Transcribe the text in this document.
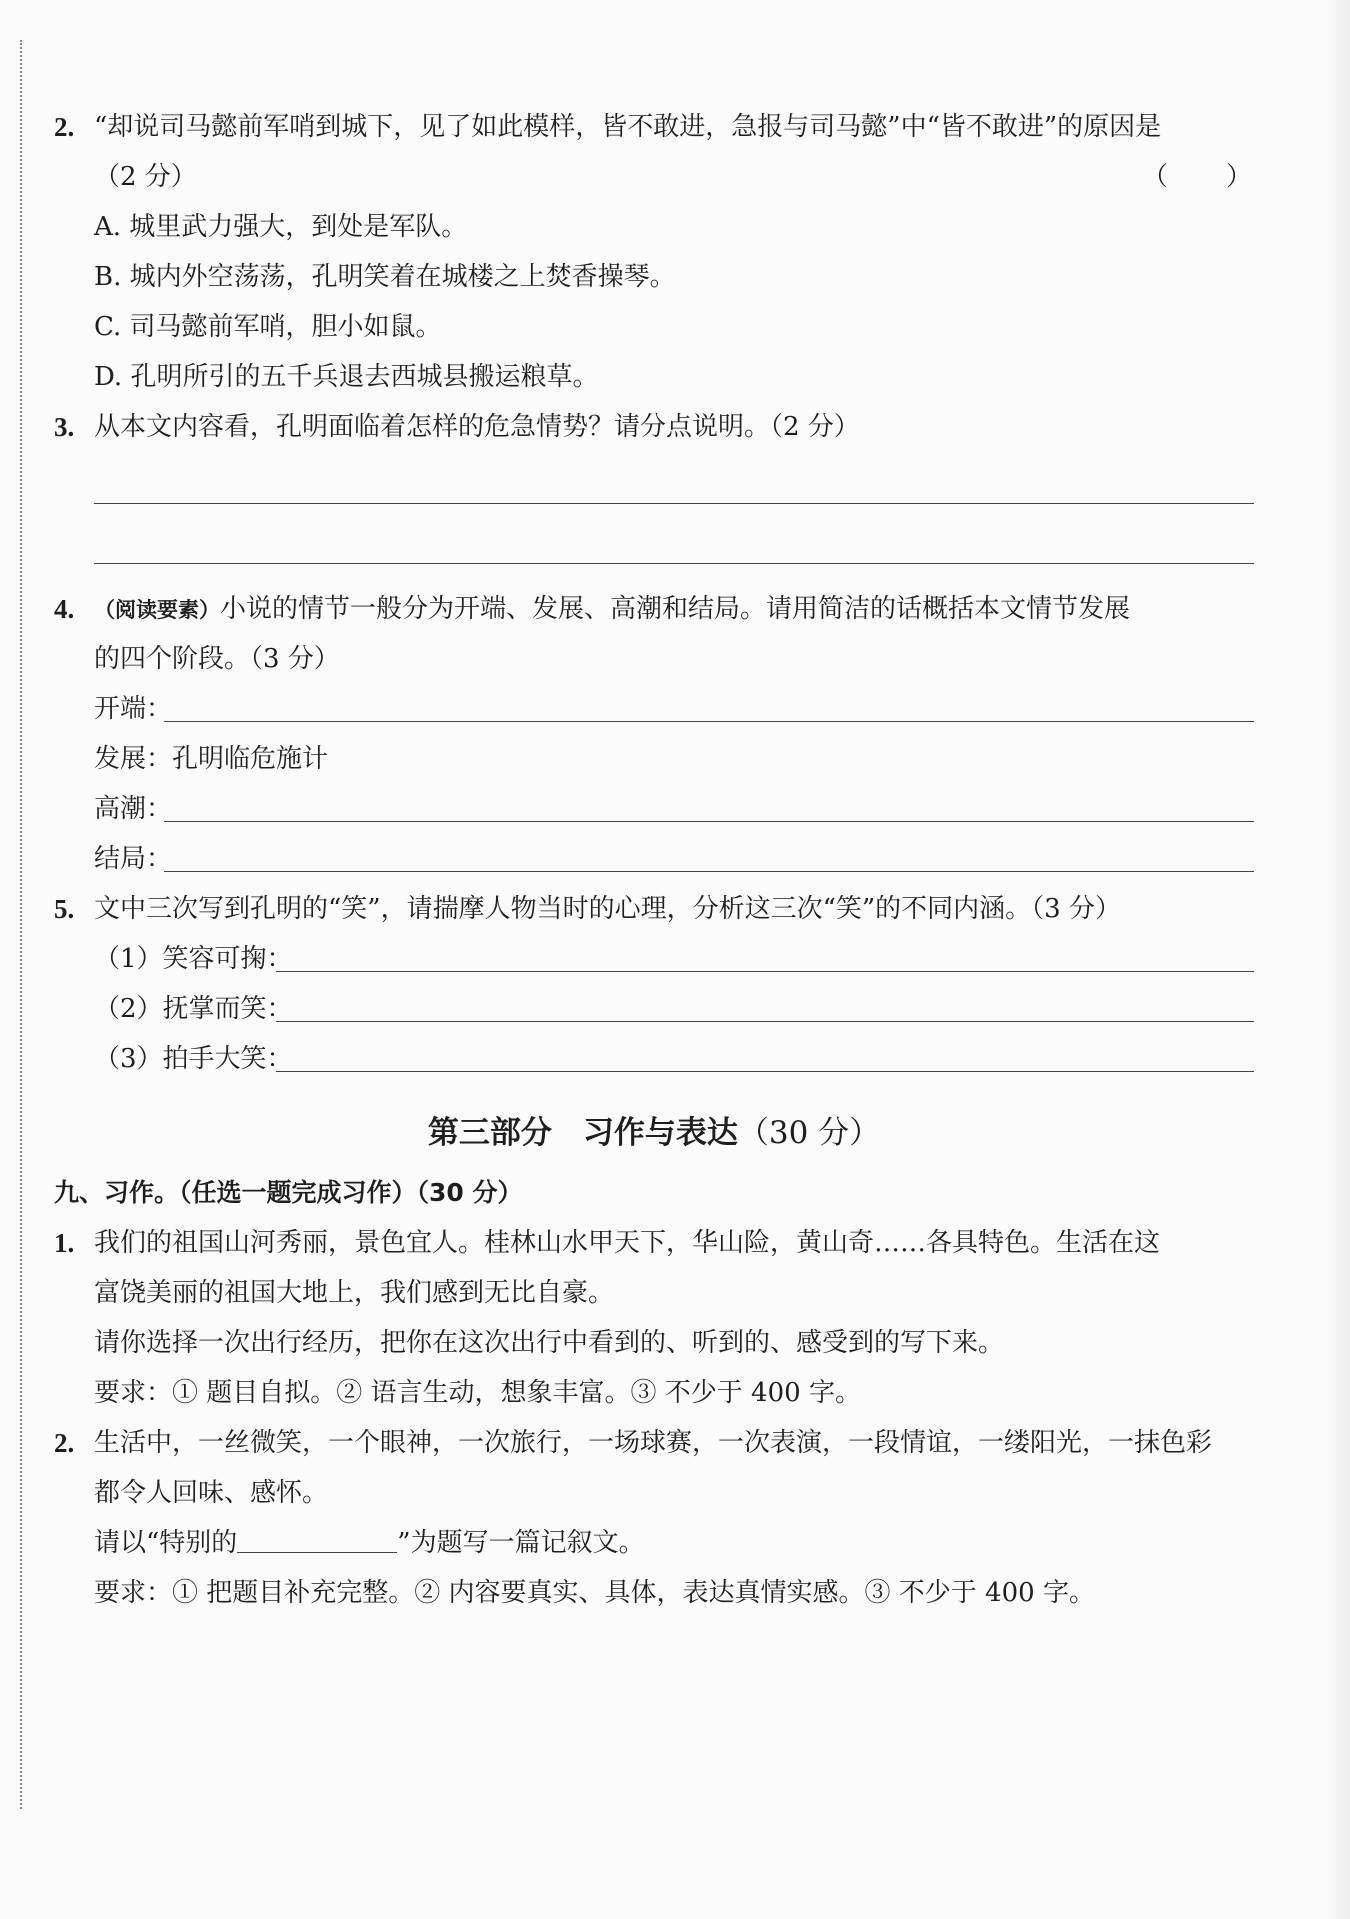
2. “却说司马懿前军哨到城下，见了如此模样，皆不敢进，急报与司马懿”中“皆不敢进”的原因是
（2 分）	（　　）
A. 城里武力强大，到处是军队。
B. 城内外空荡荡，孔明笑着在城楼之上焚香操琴。
C. 司马懿前军哨，胆小如鼠。
D. 孔明所引的五千兵退去西城县搬运粮草。
3. 从本文内容看，孔明面临着怎样的危急情势？请分点说明。（2 分）
4. （阅读要素）小说的情节一般分为开端、发展、高潮和结局。请用简洁的话概括本文情节发展
的四个阶段。（3 分）
开端：
发展：孔明临危施计
高潮：
结局：
5. 文中三次写到孔明的“笑”，请揣摩人物当时的心理，分析这三次“笑”的不同内涵。（3 分）
（1）笑容可掬：
（2）抚掌而笑：
（3）拍手大笑：
第三部分　习作与表达（30 分）
九、习作。（任选一题完成习作）（30 分）
1. 我们的祖国山河秀丽，景色宜人。桂林山水甲天下，华山险，黄山奇……各具特色。生活在这
富饶美丽的祖国大地上，我们感到无比自豪。
请你选择一次出行经历，把你在这次出行中看到的、听到的、感受到的写下来。
要求：① 题目自拟。② 语言生动，想象丰富。③ 不少于 400 字。
2. 生活中，一丝微笑，一个眼神，一次旅行，一场球赛，一次表演，一段情谊，一缕阳光，一抹色彩
都令人回味、感怀。
请以“特别的	”为题写一篇记叙文。
要求：① 把题目补充完整。② 内容要真实、具体，表达真情实感。③ 不少于 400 字。
